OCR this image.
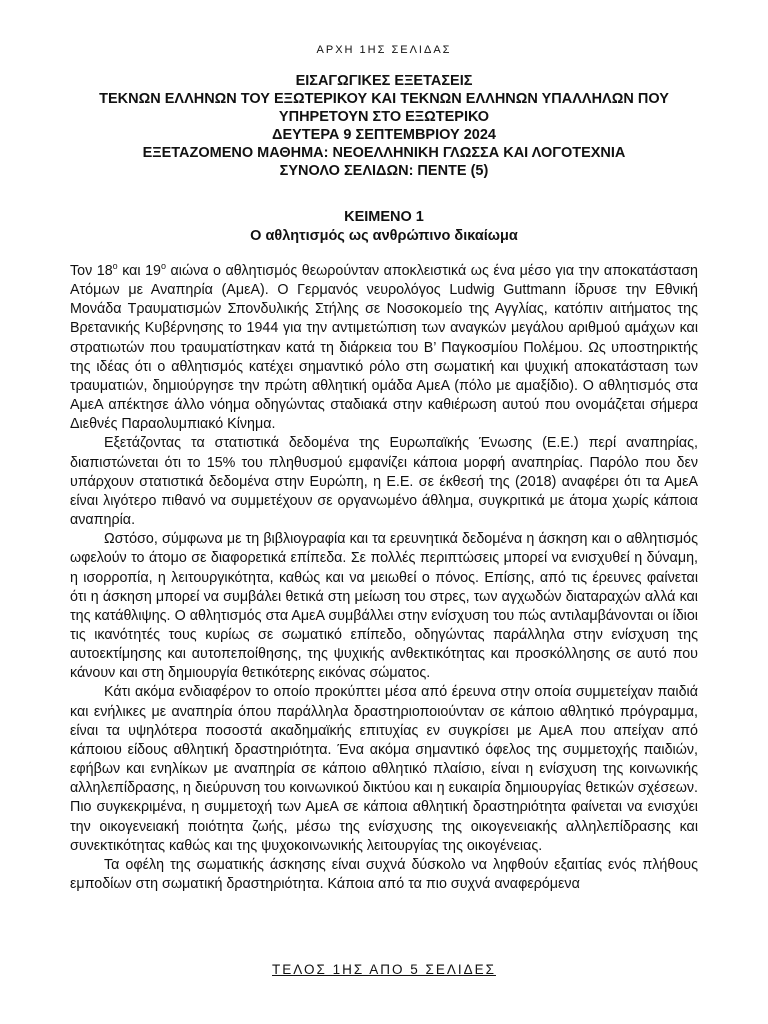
ΑΡΧΗ 1ΗΣ ΣΕΛΙΔΑΣ
ΕΙΣΑΓΩΓΙΚΕΣ ΕΞΕΤΑΣΕΙΣ
ΤΕΚΝΩΝ ΕΛΛΗΝΩΝ ΤΟΥ ΕΞΩΤΕΡΙΚΟΥ ΚΑΙ ΤΕΚΝΩΝ ΕΛΛΗΝΩΝ ΥΠΑΛΛΗΛΩΝ ΠΟΥ ΥΠΗΡΕΤΟΥΝ ΣΤΟ ΕΞΩΤΕΡΙΚΟ
ΔΕΥΤΕΡΑ 9 ΣΕΠΤΕΜΒΡΙΟΥ 2024
ΕΞΕΤΑΖΟΜΕΝΟ ΜΑΘΗΜΑ: ΝΕΟΕΛΛΗΝΙΚΗ ΓΛΩΣΣΑ ΚΑΙ ΛΟΓΟΤΕΧΝΙΑ
ΣΥΝΟΛΟ ΣΕΛΙΔΩΝ: ΠΕΝΤΕ (5)
ΚΕΙΜΕΝΟ 1
Ο αθλητισμός ως ανθρώπινο δικαίωμα

Τον $18^o$ και $19^o$ αιώνα ο αθλητισμός θεωρούνταν αποκλειστικά ως ένα μέσο για την αποκατάσταση Ατόμων με Αναπηρία (ΑμεΑ). Ο Γερμανός νευρολόγος Ludwig Guttmann ίδρυσε την Εθνική Μονάδα Τραυματισμών Σπονδυλικής Στήλης σε Νοσοκομείο της Αγγλίας, κατόπιν αιτήματος της Βρετανικής Κυβέρνησης το 1944 για την αντιμετώπιση των αναγκών μεγάλου αριθμού αμάχων και στρατιωτών που τραυματίστηκαν κατά τη διάρκεια του Β’ Παγκοσμίου Πολέμου. Ως υποστηρικτής της ιδέας ότι ο αθλητισμός κατέχει σημαντικό ρόλο στη σωματική και ψυχική αποκατάσταση των τραυματιών, δημιούργησε την πρώτη αθλητική ομάδα ΑμεΑ (πόλο με αμαξίδιο). Ο αθλητισμός στα ΑμεΑ απέκτησε άλλο νόημα οδηγώντας σταδιακά στην καθιέρωση αυτού που ονομάζεται σήμερα Διεθνές Παραολυμπιακό Κίνημα.

Εξετάζοντας τα στατιστικά δεδομένα της Ευρωπαϊκής Ένωσης (Ε.Ε.) περί αναπηρίας, διαπιστώνεται ότι το 15% του πληθυσμού εμφανίζει κάποια μορφή αναπηρίας. Παρόλο που δεν υπάρχουν στατιστικά δεδομένα στην Ευρώπη, η Ε.Ε. σε έκθεσή της (2018) αναφέρει ότι τα ΑμεΑ είναι λιγότερο πιθανό να συμμετέχουν σε οργανωμένο άθλημα, συγκριτικά με άτομα χωρίς κάποια αναπηρία.

Ωστόσο, σύμφωνα με τη βιβλιογραφία και τα ερευνητικά δεδομένα η άσκηση και ο αθλητισμός ωφελούν το άτομο σε διαφορετικά επίπεδα. Σε πολλές περιπτώσεις μπορεί να ενισχυθεί η δύναμη, η ισορροπία, η λειτουργικότητα, καθώς και να μειωθεί ο πόνος. Επίσης, από τις έρευνες φαίνεται ότι η άσκηση μπορεί να συμβάλει θετικά στη μείωση του στρες, των αγχωδών διαταραχών αλλά και της κατάθλιψης. Ο αθλητισμός στα ΑμεΑ συμβάλλει στην ενίσχυση του πώς αντιλαμβάνονται οι ίδιοι τις ικανότητές τους κυρίως σε σωματικό επίπεδο, οδηγώντας παράλληλα στην ενίσχυση της αυτοεκτίμησης και αυτοπεποίθησης, της ψυχικής ανθεκτικότητας και προσκόλλησης σε αυτό που κάνουν και στη δημιουργία θετικότερης εικόνας σώματος.

Κάτι ακόμα ενδιαφέρον το οποίο προκύπτει μέσα από έρευνα στην οποία συμμετείχαν παιδιά και ενήλικες με αναπηρία όπου παράλληλα δραστηριοποιούνταν σε κάποιο αθλητικό πρόγραμμα, είναι τα υψηλότερα ποσοστά ακαδημαϊκής επιτυχίας εν συγκρίσει με ΑμεΑ που απείχαν από κάποιου είδους αθλητική δραστηριότητα. Ένα ακόμα σημαντικό όφελος της συμμετοχής παιδιών, εφήβων και ενηλίκων με αναπηρία σε κάποιο αθλητικό πλαίσιο, είναι η ενίσχυση της κοινωνικής αλληλεπίδρασης, η διεύρυνση του κοινωνικού δικτύου και η ευκαιρία δημιουργίας θετικών σχέσεων. Πιο συγκεκριμένα, η συμμετοχή των ΑμεΑ σε κάποια αθλητική δραστηριότητα φαίνεται να ενισχύει την οικογενειακή ποιότητα ζωής, μέσω της ενίσχυσης της οικογενειακής αλληλεπίδρασης και συνεκτικότητας καθώς και της ψυχοκοινωνικής λειτουργίας της οικογένειας.

Τα οφέλη της σωματικής άσκησης είναι συχνά δύσκολο να ληφθούν εξαιτίας ενός πλήθους εμποδίων στη σωματική δραστηριότητα. Κάποια από τα πιο συχνά αναφερόμενα

ΤΕΛΟΣ 1ΗΣ ΑΠΟ 5 ΣΕΛΙΔΕΣ
